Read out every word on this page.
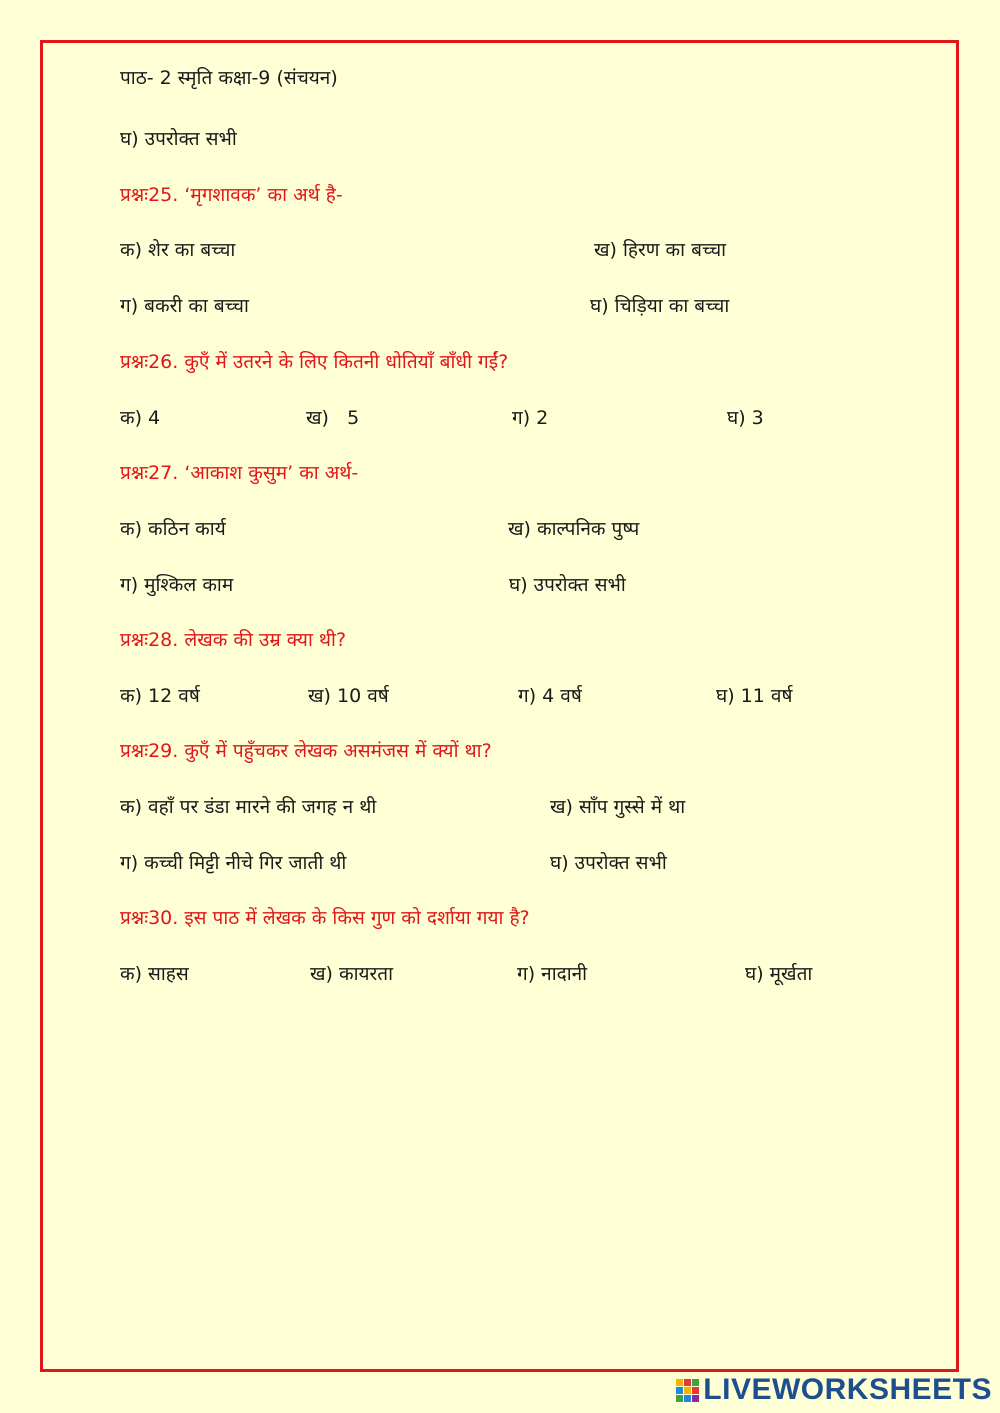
पाठ- 2 स्मृति कक्षा-9 (संचयन)
घ) उपरोक्त सभी
प्रश्नः25. ‘मृगशावक’ का अर्थ है-
क) शेर का बच्चा	ख) हिरण का बच्चा
ग) बकरी का बच्चा	घ) चिड़िया का बच्चा
प्रश्नः26. कुएँ में उतरने के लिए कितनी धोतियाँ बाँधी गईं?
क) 4	ख)   5	ग) 2	घ) 3
प्रश्नः27. ‘आकाश कुसुम’ का अर्थ-
क) कठिन कार्य	ख) काल्पनिक पुष्प
ग) मुश्किल काम	घ) उपरोक्त सभी
प्रश्नः28. लेखक की उम्र क्या थी?
क) 12 वर्ष	ख) 10 वर्ष	ग) 4 वर्ष	घ) 11 वर्ष
प्रश्नः29. कुएँ में पहुँचकर लेखक असमंजस में क्यों था?
क) वहाँ पर डंडा मारने की जगह न थी	ख) साँप गुस्से में था
ग) कच्ची मिट्टी नीचे गिर जाती थी	घ) उपरोक्त सभी
प्रश्नः30. इस पाठ में लेखक के किस गुण को दर्शाया गया है?
क) साहस	ख) कायरता	ग) नादानी	घ) मूर्खता
LIVEWORKSHEETS
